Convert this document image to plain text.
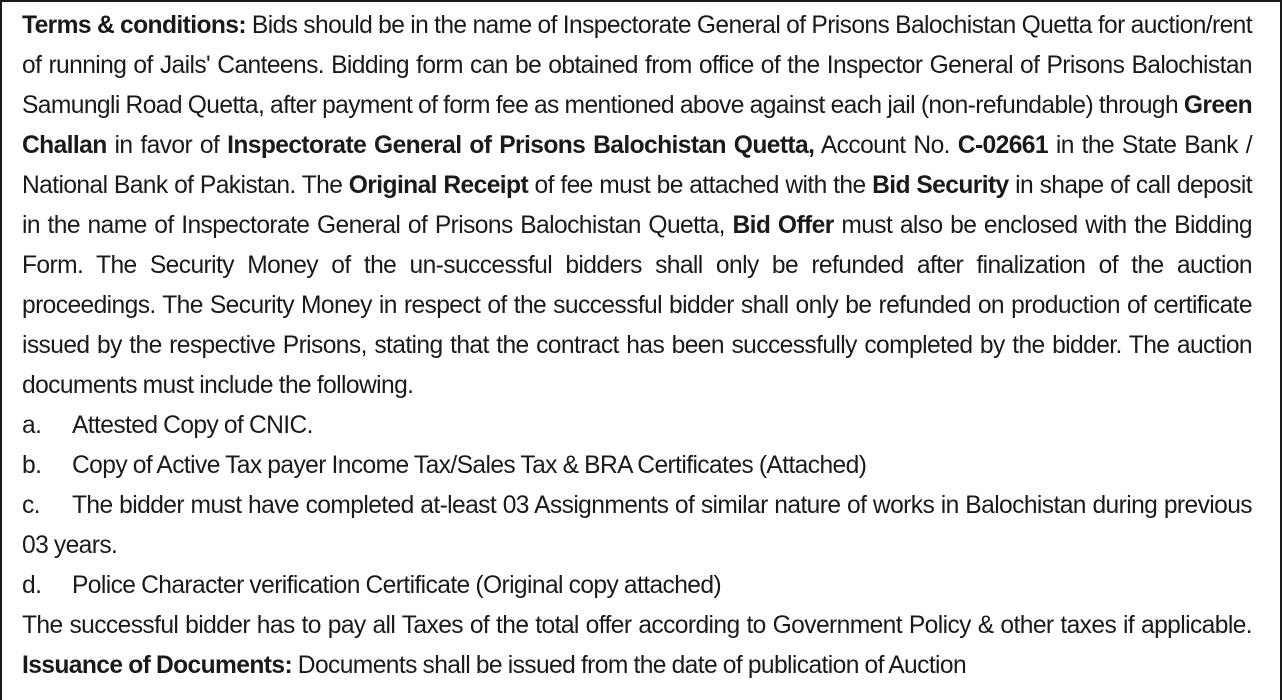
Terms & conditions: Bids should be in the name of Inspectorate General of Prisons Balochistan Quetta for auction/rent of running of Jails' Canteens. Bidding form can be obtained from office of the Inspector General of Prisons Balochistan Samungli Road Quetta, after payment of form fee as mentioned above against each jail (non-refundable) through Green Challan in favor of Inspectorate General of Prisons Balochistan Quetta, Account No. C-02661 in the State Bank / National Bank of Pakistan. The Original Receipt of fee must be attached with the Bid Security in shape of call deposit in the name of Inspectorate General of Prisons Balochistan Quetta, Bid Offer must also be enclosed with the Bidding Form. The Security Money of the un-successful bidders shall only be refunded after finalization of the auction proceedings. The Security Money in respect of the successful bidder shall only be refunded on production of certificate issued by the respective Prisons, stating that the contract has been successfully completed by the bidder. The auction documents must include the following.

a. Attested Copy of CNIC.

b. Copy of Active Tax payer Income Tax/Sales Tax & BRA Certificates (Attached)

c. The bidder must have completed at-least 03 Assignments of similar nature of works in Balochistan during previous 03 years.

d. Police Character verification Certificate (Original copy attached)

The successful bidder has to pay all Taxes of the total offer according to Government Policy & other taxes if applicable. Issuance of Documents: Documents shall be issued from the date of publication of Auction
